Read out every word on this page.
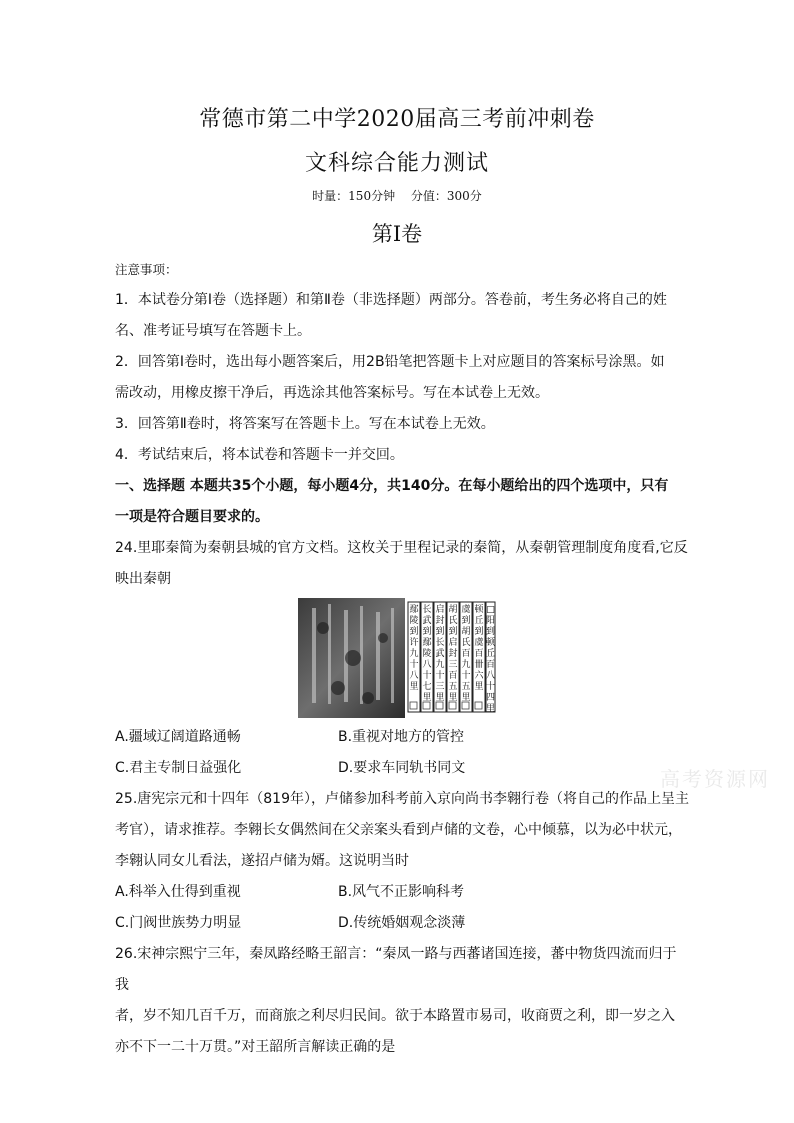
常德市第二中学2020届高三考前冲刺卷
文科综合能力测试
时量：150分钟 分值：300分
第Ⅰ卷

注意事项：

1．本试卷分第Ⅰ卷（选择题）和第Ⅱ卷（非选择题）两部分。答卷前，考生务必将自己的姓

名、准考证号填写在答题卡上。

2．回答第Ⅰ卷时，选出每小题答案后，用2B铅笔把答题卡上对应题目的答案标号涂黑。如

需改动，用橡皮擦干净后，再选涂其他答案标号。写在本试卷上无效。

3．回答第Ⅱ卷时，将答案写在答题卡上。写在本试卷上无效。

4．考试结束后，将本试卷和答题卡一并交回。

一、选择题 本题共35个小题，每小题4分，共140分。在每小题给出的四个选项中，只有

一项是符合题目要求的。

24.里耶秦简为秦朝县城的官方文档。这枚关于里程记录的秦简，从秦朝管理制度角度看,它反

映出秦朝

鄢陵到许九十八里
长武到鄢陵八十七里
启封到长武九十三里
胡氏到启封三百五里
虞到胡氏百九十五里
顿丘到虞百卌六里
□阳到顿丘百八十四里
A.疆域辽阔道路通畅	B.重视对地方的管控
C.君主专制日益强化	D.要求车同轨书同文

25.唐宪宗元和十四年（819年），卢储参加科考前入京向尚书李翱行卷（将自己的作品上呈主

考官），请求推荐。李翱长女偶然间在父亲案头看到卢储的文卷，心中倾慕，以为必中状元，

李翱认同女儿看法，遂招卢储为婿。这说明当时

A.科举入仕得到重视	B.风气不正影响科考
C.门阀世族势力明显	D.传统婚姻观念淡薄

26.宋神宗熙宁三年，秦凤路经略王韶言：“秦凤一路与西蕃诸国连接，蕃中物货四流而归于我

者，岁不知几百千万，而商旅之利尽归民间。欲于本路置市易司，收商贾之利，即一岁之入

亦不下一二十万贯。”对王韶所言解读正确的是

高考资源网
